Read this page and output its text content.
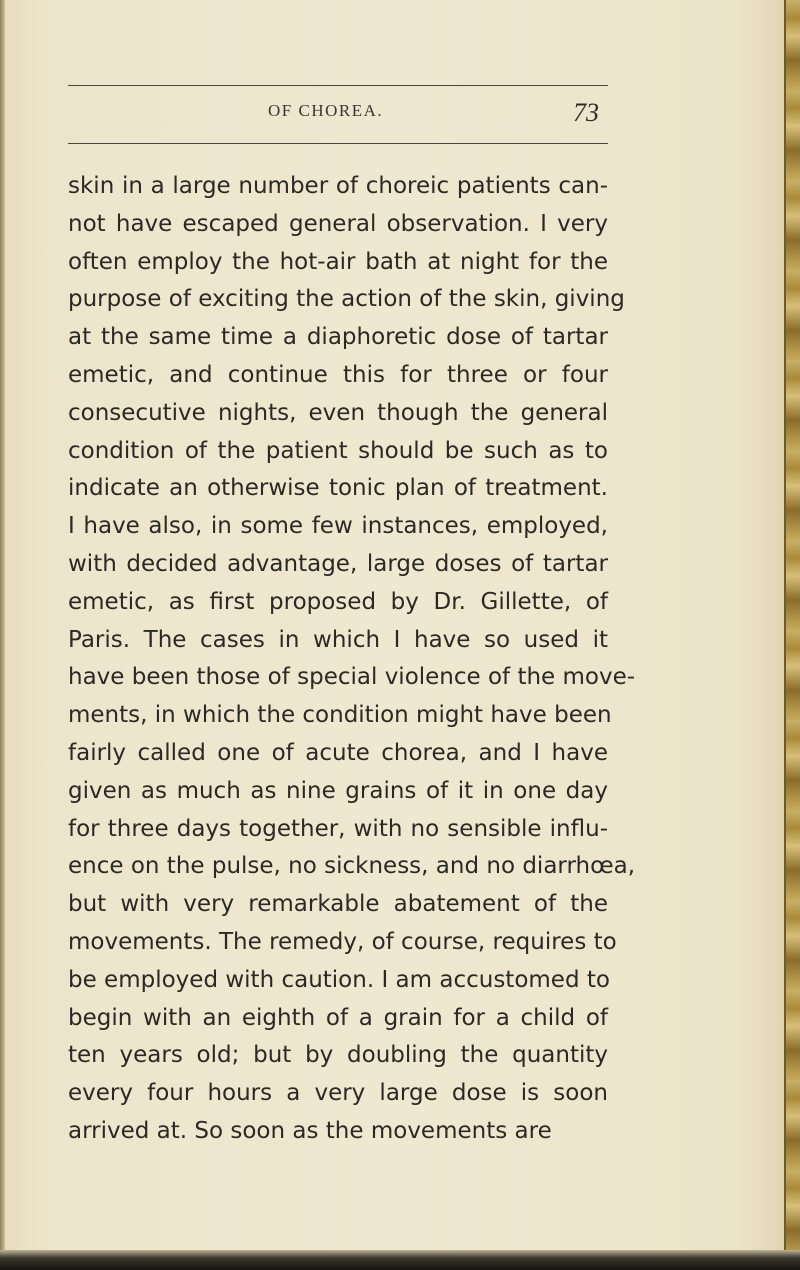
OF CHOREA.	73
skin in a large number of choreic patients can-
not have escaped general observation. I very
often employ the hot-air bath at night for the
purpose of exciting the action of the skin, giving
at the same time a diaphoretic dose of tartar
emetic, and continue this for three or four
consecutive nights, even though the general
condition of the patient should be such as to
indicate an otherwise tonic plan of treatment.
I have also, in some few instances, employed,
with decided advantage, large doses of tartar
emetic, as first proposed by Dr. Gillette, of
Paris. The cases in which I have so used it
have been those of special violence of the move-
ments, in which the condition might have been
fairly called one of acute chorea, and I have
given as much as nine grains of it in one day
for three days together, with no sensible influ-
ence on the pulse, no sickness, and no diarrhœa,
but with very remarkable abatement of the
movements. The remedy, of course, requires to
be employed with caution. I am accustomed to
begin with an eighth of a grain for a child of
ten years old; but by doubling the quantity
every four hours a very large dose is soon
arrived at. So soon as the movements are
